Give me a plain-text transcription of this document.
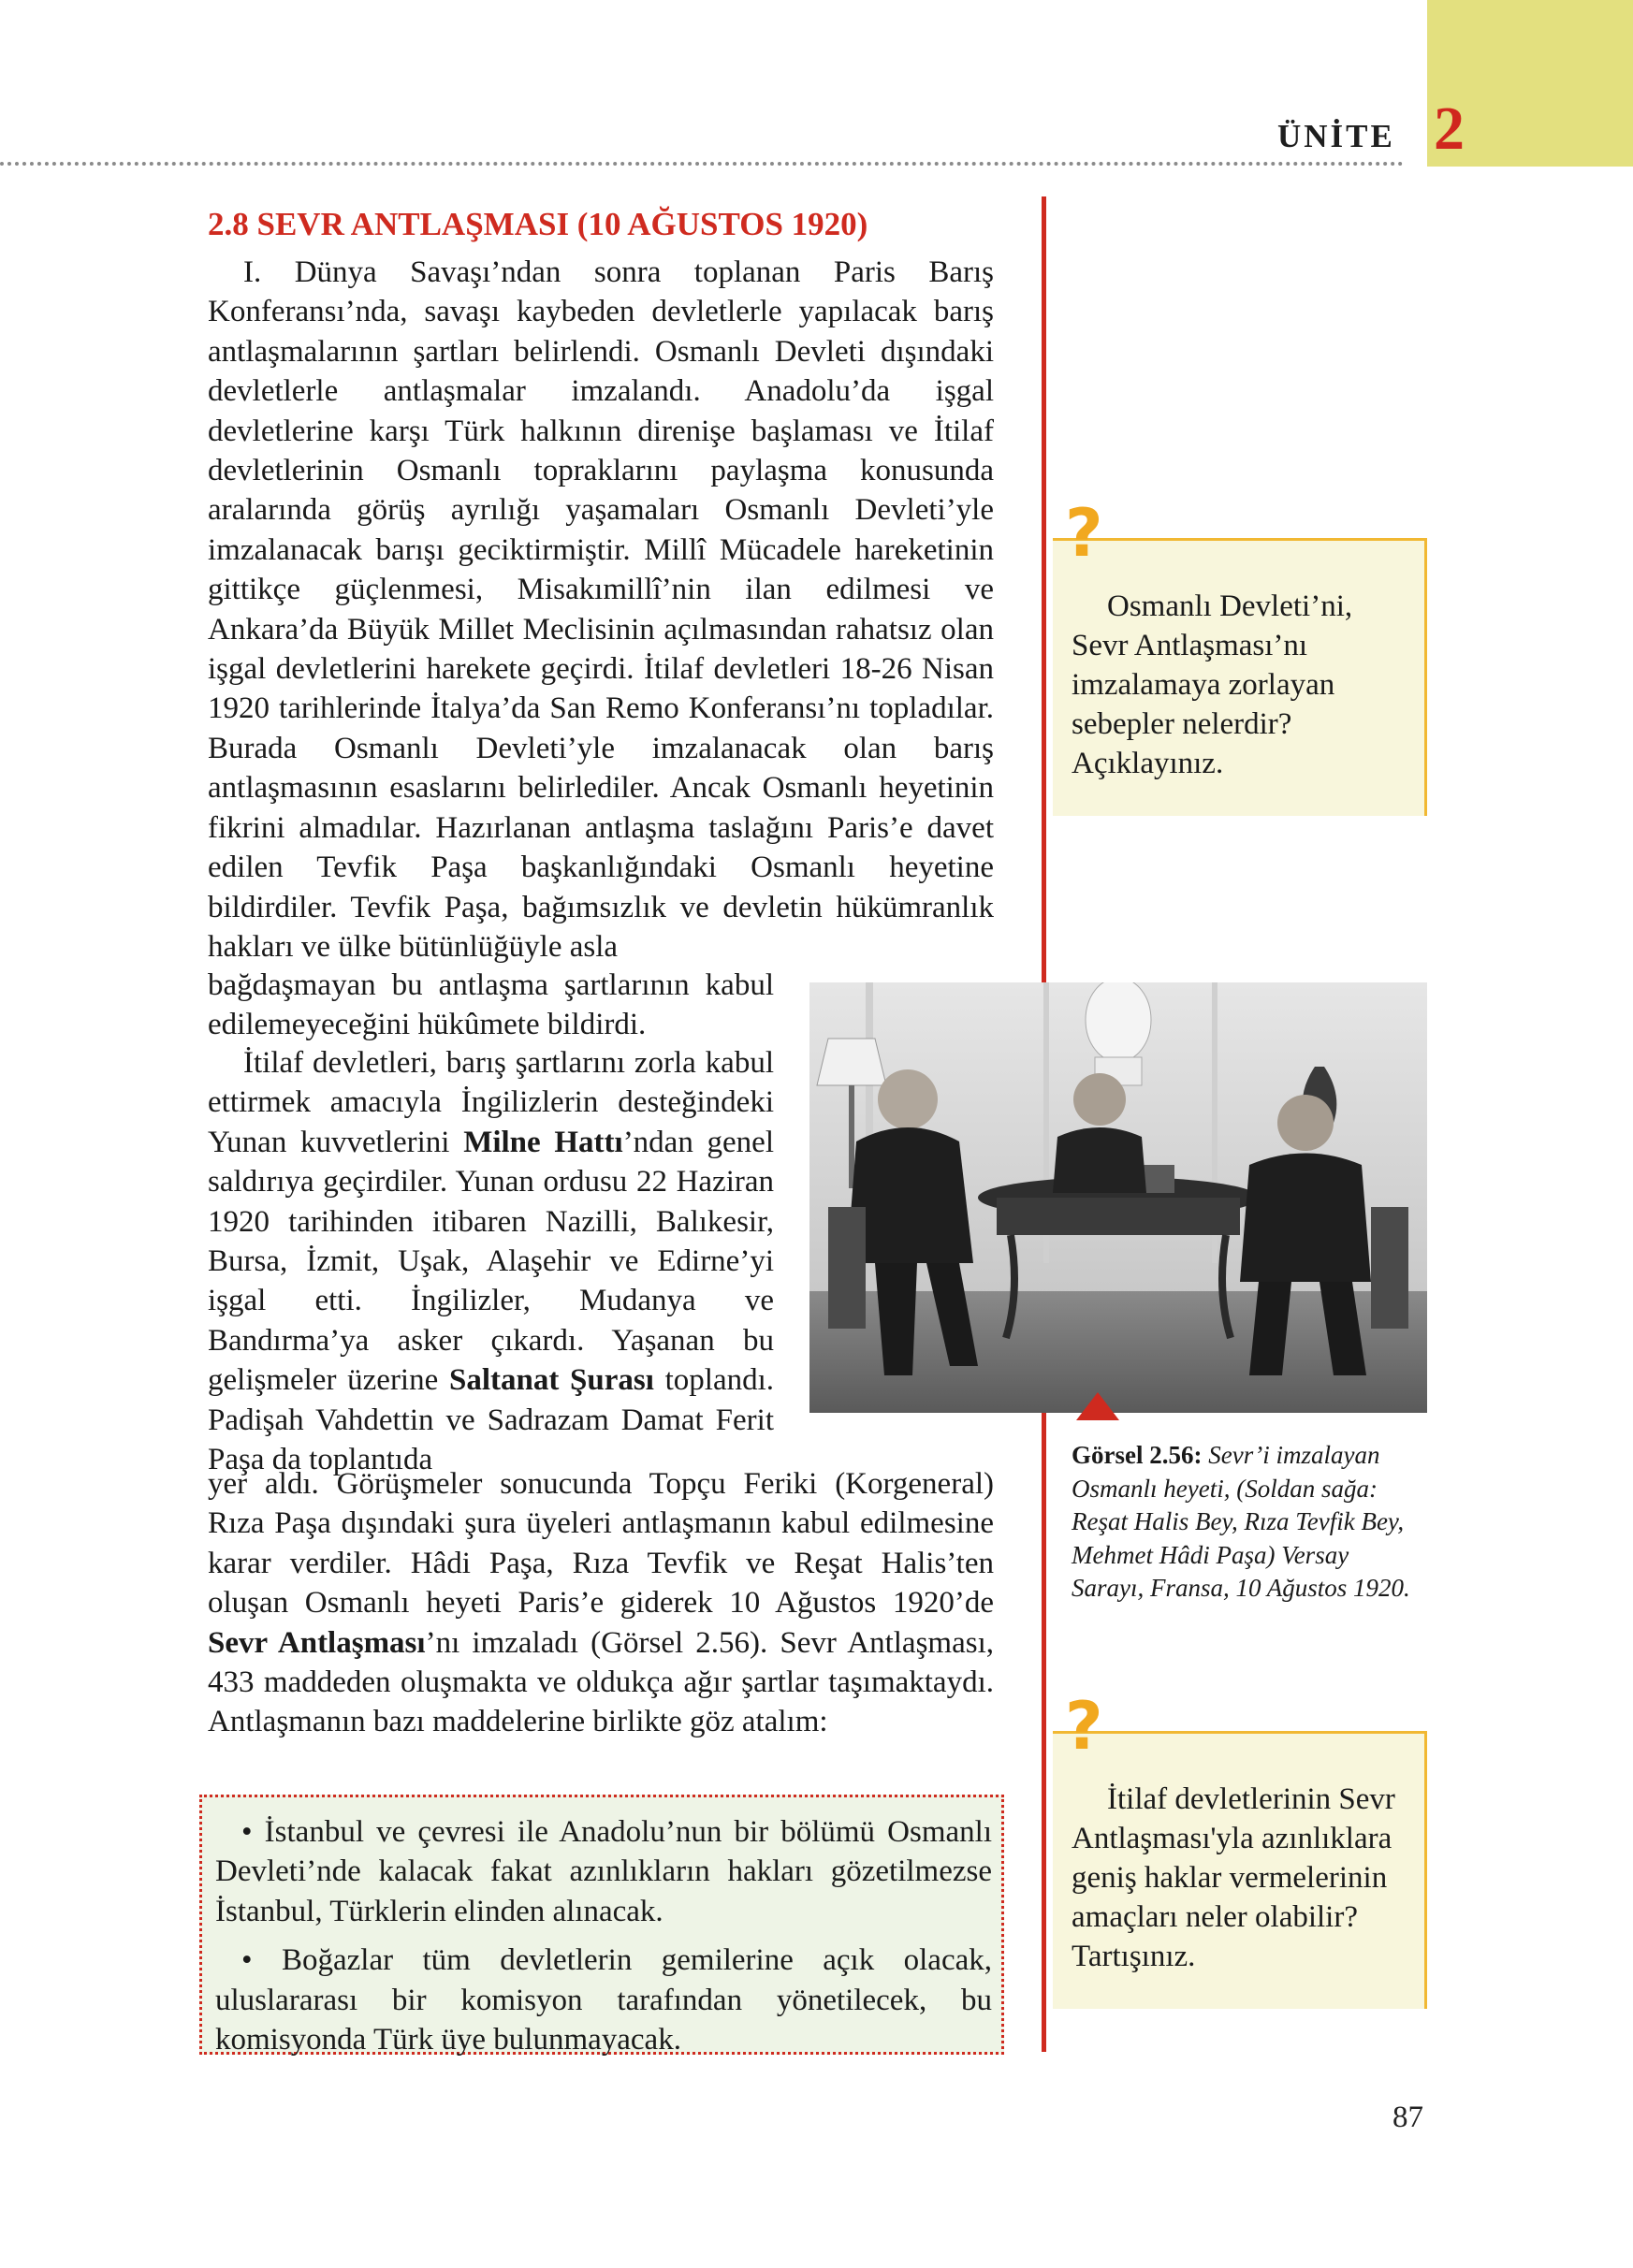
ÜNİTE 2
2.8 SEVR ANTLAŞMASI (10 AĞUSTOS 1920)

I. Dünya Savaşı’ndan sonra toplanan Paris Barış Konferansı’nda, savaşı kaybeden devletlerle yapılacak barış antlaşmalarının şartları belirlendi. Osmanlı Devleti dışındaki devletlerle antlaşmalar imzalandı. Anadolu’da işgal devletlerine karşı Türk halkının direnişe başlaması ve İtilaf devletlerinin Osmanlı topraklarını paylaşma konusunda aralarında görüş ayrılığı yaşamaları Osmanlı Devleti’yle imzalanacak barışı geciktirmiştir. Millî Mücadele hareketinin gittikçe güçlenmesi, Misakımillî’nin ilan edilmesi ve Ankara’da Büyük Millet Meclisinin açılmasından rahatsız olan işgal devletlerini harekete geçirdi. İtilaf devletleri 18-26 Nisan 1920 tarihlerinde İtalya’da San Remo Konferansı’nı topladılar. Burada Osmanlı Devleti’yle imzalanacak olan barış antlaşmasının esaslarını belirlediler. Ancak Osmanlı heyetinin fikrini almadılar. Hazırlanan antlaşma taslağını Paris’e davet edilen Tevfik Paşa başkanlığındaki Osmanlı heyetine bildirdiler. Tevfik Paşa, bağımsızlık ve devletin hükümranlık hakları ve ülke bütünlüğüyle asla

bağdaşmayan bu antlaşma şartlarının kabul edilemeyeceğini hükûmete bildirdi.

İtilaf devletleri, barış şartlarını zorla kabul ettirmek amacıyla İngilizlerin desteğindeki Yunan kuvvetlerini Milne Hattı’ndan genel saldırıya geçirdiler. Yunan ordusu 22 Haziran 1920 tarihinden itibaren Nazilli, Balıkesir, Bursa, İzmit, Uşak, Alaşehir ve Edirne’yi işgal etti. İngilizler, Mudanya ve Bandırma’ya asker çıkardı. Yaşanan bu gelişmeler üzerine Saltanat Şurası toplandı. Padişah Vahdettin ve Sadrazam Damat Ferit Paşa da toplantıda

yer aldı. Görüşmeler sonucunda Topçu Feriki (Korgeneral) Rıza Paşa dışındaki şura üyeleri antlaşmanın kabul edilmesine karar verdiler. Hâdi Paşa, Rıza Tevfik ve Reşat Halis’ten oluşan Osmanlı heyeti Paris’e giderek 10 Ağustos 1920’de Sevr Antlaşması’nı imzaladı (Görsel 2.56). Sevr Antlaşması, 433 maddeden oluşmakta ve oldukça ağır şartlar taşımaktaydı. Antlaşmanın bazı maddelerine birlikte göz atalım:

• İstanbul ve çevresi ile Anadolu’nun bir bölümü Osmanlı Devleti’nde kalacak fakat azınlıkların hakları gözetilmezse İstanbul, Türklerin elinden alınacak.

• Boğazlar tüm devletlerin gemilerine açık olacak, uluslararası bir komisyon tarafından yönetilecek, bu komisyonda Türk üye bulunmayacak.

?

Osmanlı Devleti’ni, Sevr Antlaşması’nı imzalamaya zorlayan sebepler nelerdir? Açıklayınız.

Görsel 2.56: Sevr’i imzalayan Osmanlı heyeti, (Soldan sağa: Reşat Halis Bey, Rıza Tevfik Bey, Mehmet Hâdi Paşa) Versay Sarayı, Fransa, 10 Ağustos 1920.
?

İtilaf devletlerinin Sevr Antlaşması'yla azınlıklara geniş haklar vermelerinin amaçları neler olabilir? Tartışınız.

87
